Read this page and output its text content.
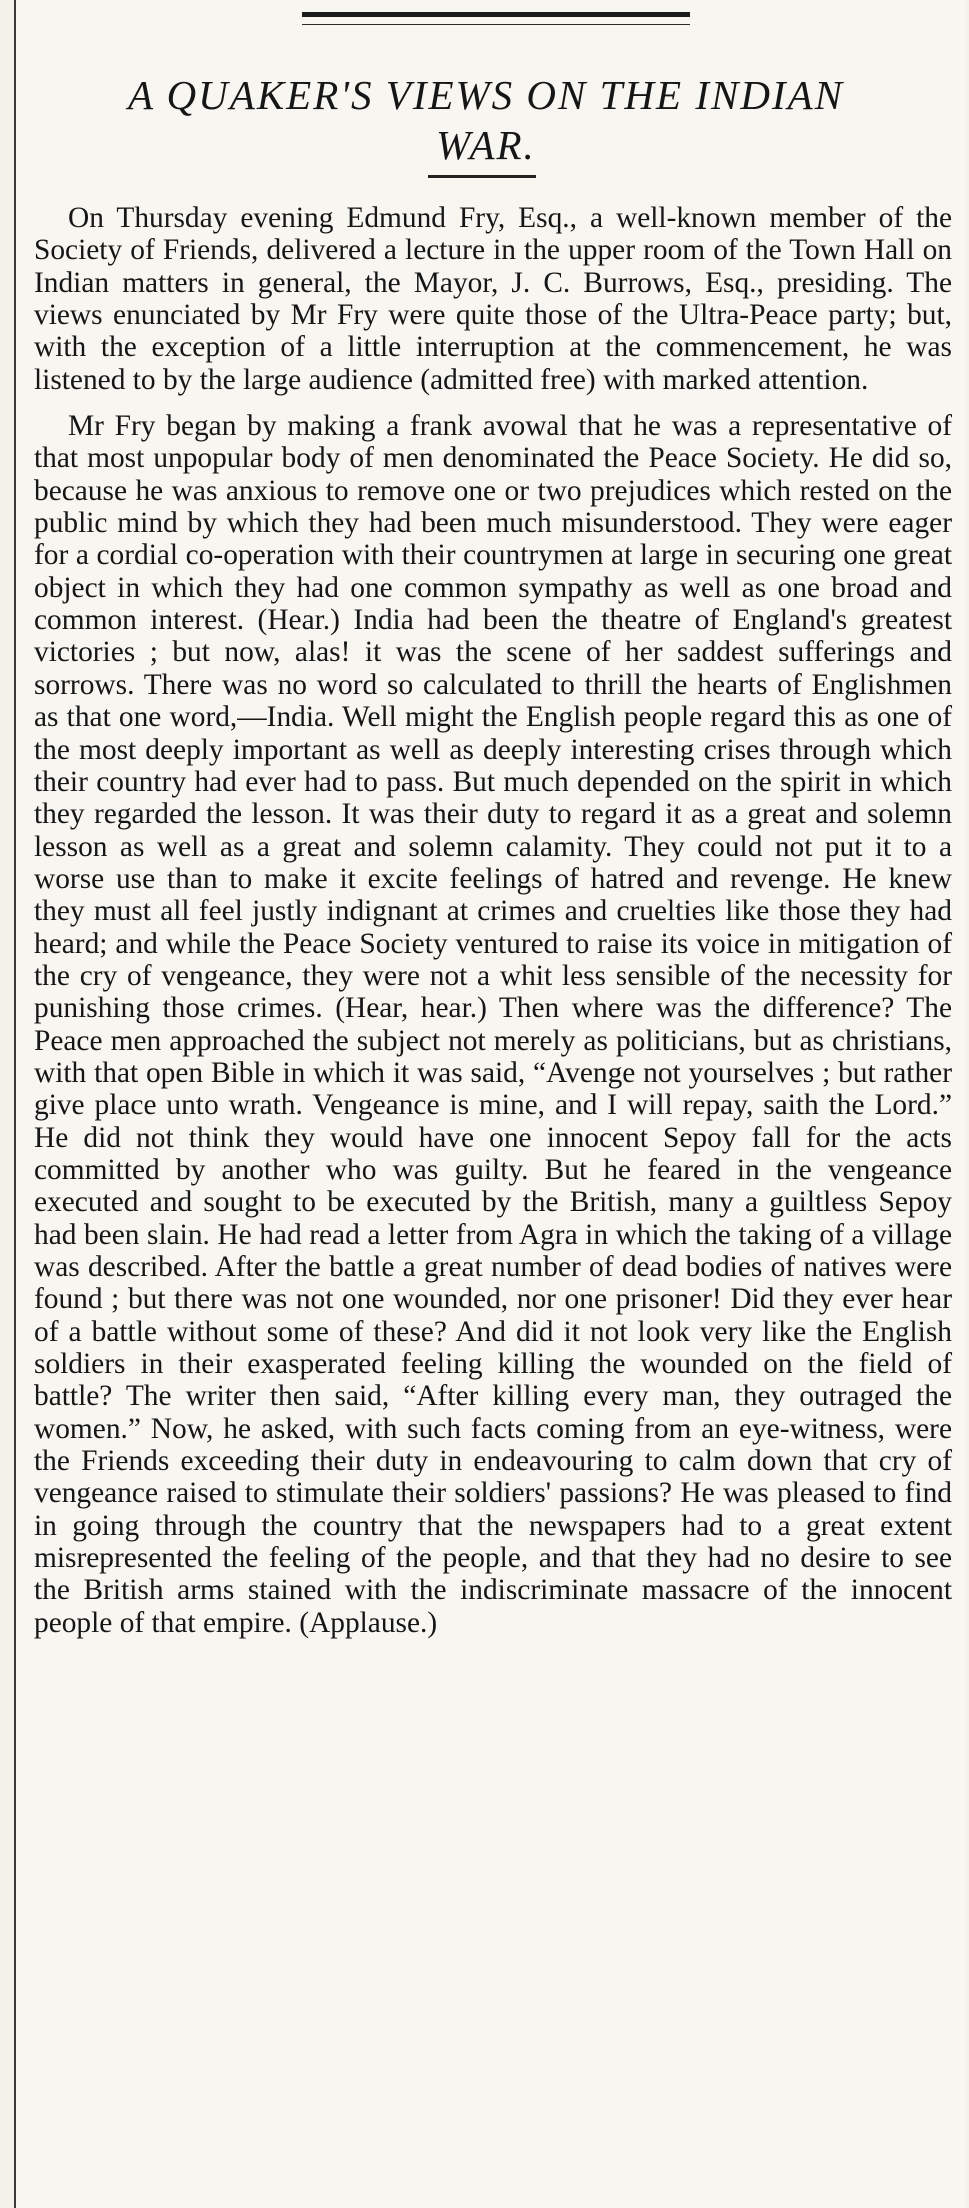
A QUAKER'S VIEWS ON THE INDIAN
WAR.

On Thursday evening Edmund Fry, Esq., a well-known member of the Society of Friends, delivered a lecture in the upper room of the Town Hall on Indian matters in general, the Mayor, J. C. Burrows, Esq., presiding. The views enunciated by Mr Fry were quite those of the Ultra-Peace party; but, with the exception of a little interruption at the commencement, he was listened to by the large audience (admitted free) with marked attention.

Mr Fry began by making a frank avowal that he was a representative of that most unpopular body of men denominated the Peace Society. He did so, because he was anxious to remove one or two prejudices which rested on the public mind by which they had been much misunderstood. They were eager for a cordial co-operation with their countrymen at large in securing one great object in which they had one common sympathy as well as one broad and common interest. (Hear.) India had been the theatre of England's greatest victories ; but now, alas! it was the scene of her saddest sufferings and sorrows. There was no word so calculated to thrill the hearts of Englishmen as that one word,—India. Well might the English people regard this as one of the most deeply important as well as deeply interesting crises through which their country had ever had to pass. But much depended on the spirit in which they regarded the lesson. It was their duty to regard it as a great and solemn lesson as well as a great and solemn calamity. They could not put it to a worse use than to make it excite feelings of hatred and revenge. He knew they must all feel justly indignant at crimes and cruelties like those they had heard; and while the Peace Society ventured to raise its voice in mitigation of the cry of vengeance, they were not a whit less sensible of the necessity for punishing those crimes. (Hear, hear.) Then where was the difference? The Peace men approached the subject not merely as politicians, but as christians, with that open Bible in which it was said, “Avenge not yourselves ; but rather give place unto wrath. Vengeance is mine, and I will repay, saith the Lord.” He did not think they would have one innocent Sepoy fall for the acts committed by another who was guilty. But he feared in the vengeance executed and sought to be executed by the British, many a guiltless Sepoy had been slain. He had read a letter from Agra in which the taking of a village was described. After the battle a great number of dead bodies of natives were found ; but there was not one wounded, nor one prisoner! Did they ever hear of a battle without some of these? And did it not look very like the English soldiers in their exasperated feeling killing the wounded on the field of battle? The writer then said, “After killing every man, they outraged the women.” Now, he asked, with such facts coming from an eye-witness, were the Friends exceeding their duty in endeavouring to calm down that cry of vengeance raised to stimulate their soldiers' passions? He was pleased to find in going through the country that the newspapers had to a great extent misrepresented the feeling of the people, and that they had no desire to see the British arms stained with the indiscriminate massacre of the innocent people of that empire. (Applause.)
